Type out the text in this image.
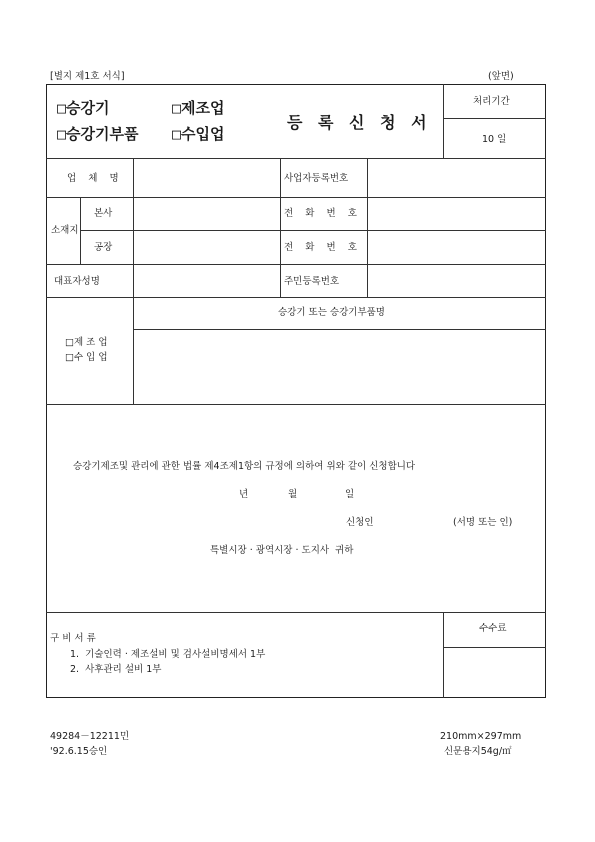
[별지 제1호 서식]	(앞면)
□승강기	□제조업
□승강기부품 □수입업
등 록 신 청 서
처리기간
10 일
업    체    명	사업자등록번호
소재지
본사	전    화    번    호
공장	전    화    번    호
대표자성명	주민등록번호
승강기 또는 승강기부품명
□제 조 업
□수 입 업
승강기제조및 관리에 관한 법률 제4조제1항의 규정에 의하여 위와 같이 신청합니다
년	월	일
신청인	(서명 또는 인)
특별시장 · 광역시장 · 도지사  귀하
구 비 서 류
1.  기술인력 · 제조설비 및 검사설비명세서 1부
2.  사후관리 설비 1부
수수료
49284－12211민
'92.6.15승인
210mm×297mm
신문용지54g/㎡
